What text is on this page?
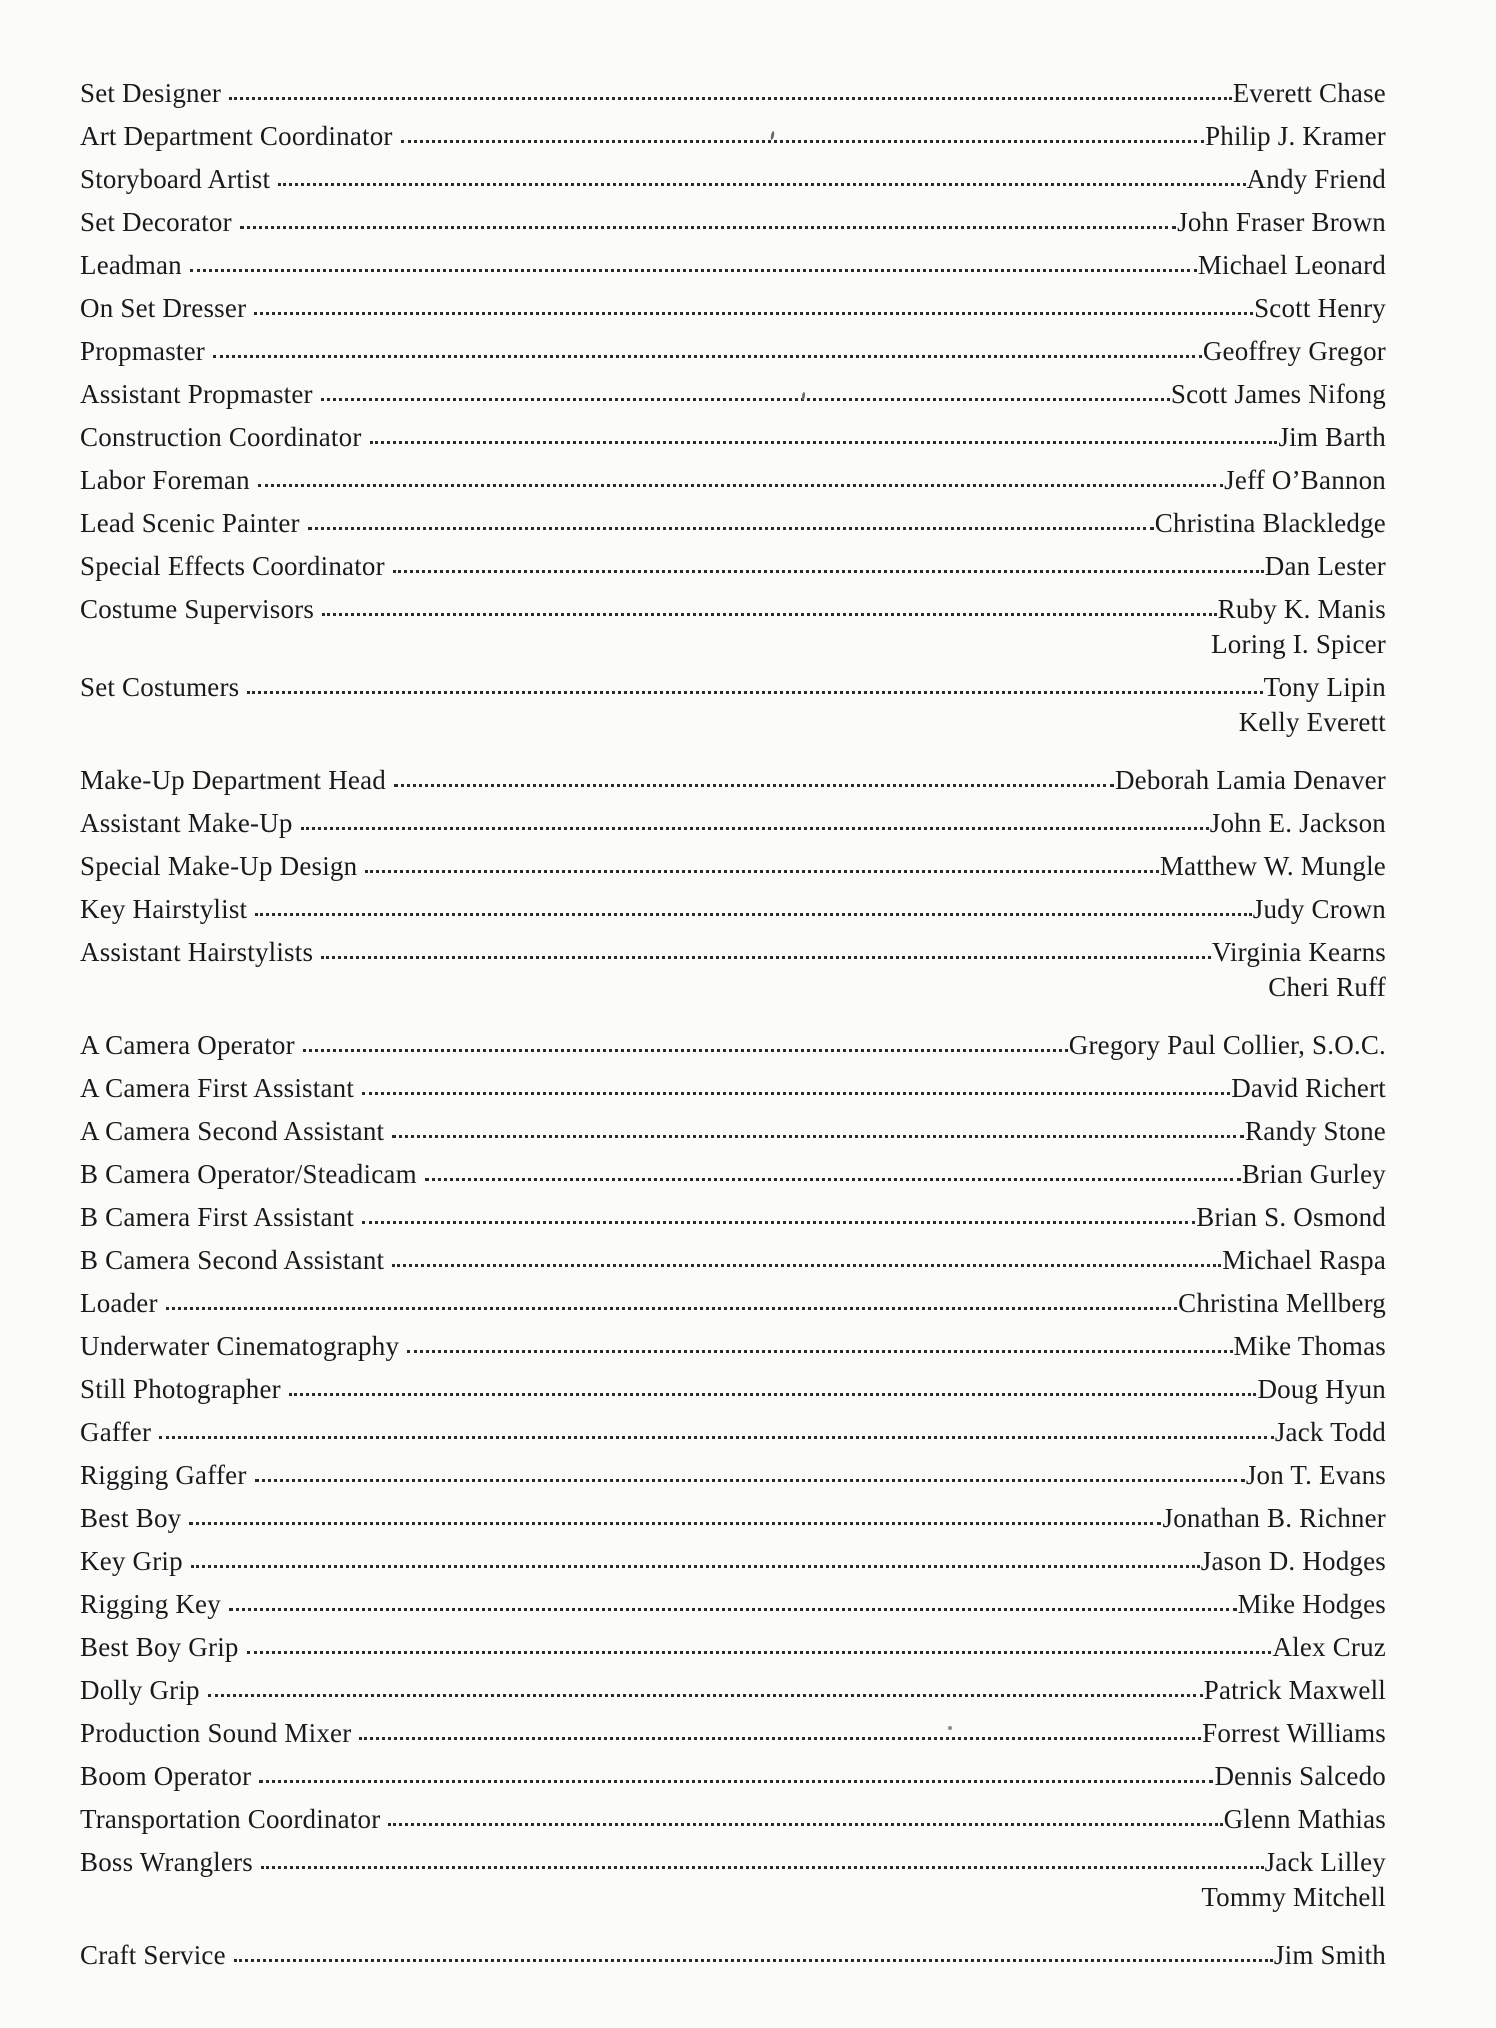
Set Designer	Everett Chase
Art Department Coordinator	Philip J. Kramer
Storyboard Artist	Andy Friend
Set Decorator	John Fraser Brown
Leadman	Michael Leonard
On Set Dresser	Scott Henry
Propmaster	Geoffrey Gregor
Assistant Propmaster	Scott James Nifong
Construction Coordinator	Jim Barth
Labor Foreman	Jeff O’Bannon
Lead Scenic Painter	Christina Blackledge
Special Effects Coordinator	Dan Lester
Costume Supervisors	Ruby K. Manis
Loring I. Spicer
Set Costumers	Tony Lipin
Kelly Everett
Make-Up Department Head	Deborah Lamia Denaver
Assistant Make-Up	John E. Jackson
Special Make-Up Design	Matthew W. Mungle
Key Hairstylist	Judy Crown
Assistant Hairstylists	Virginia Kearns
Cheri Ruff
A Camera Operator	Gregory Paul Collier, S.O.C.
A Camera First Assistant	David Richert
A Camera Second Assistant	Randy Stone
B Camera Operator/Steadicam	Brian Gurley
B Camera First Assistant	Brian S. Osmond
B Camera Second Assistant	Michael Raspa
Loader	Christina Mellberg
Underwater Cinematography	Mike Thomas
Still Photographer	Doug Hyun
Gaffer	Jack Todd
Rigging Gaffer	Jon T. Evans
Best Boy	Jonathan B. Richner
Key Grip	Jason D. Hodges
Rigging Key	Mike Hodges
Best Boy Grip	Alex Cruz
Dolly Grip	Patrick Maxwell
Production Sound Mixer	Forrest Williams
Boom Operator	Dennis Salcedo
Transportation Coordinator	Glenn Mathias
Boss Wranglers	Jack Lilley
Tommy Mitchell
Craft Service	Jim Smith
